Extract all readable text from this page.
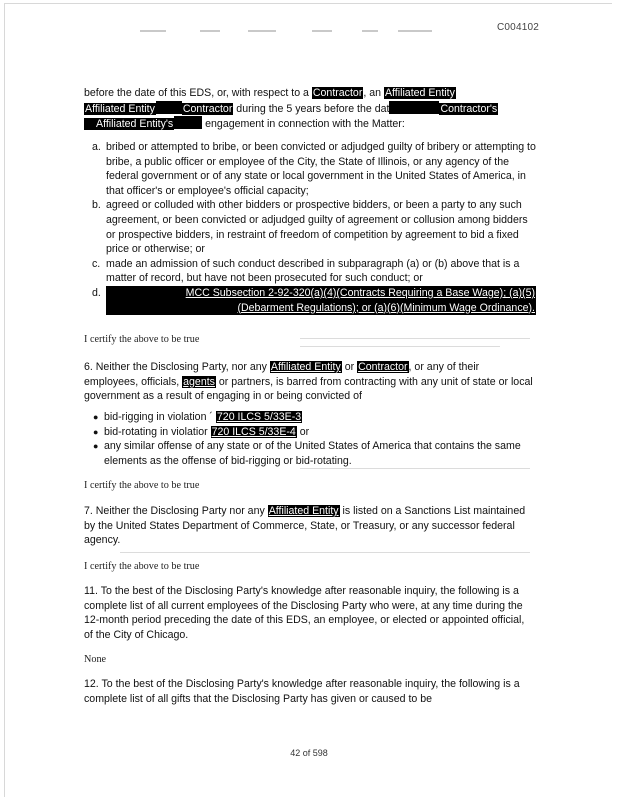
C004102
before the date of this EDS, or, with respect to a Contractor, an Affiliated Entity
Affiliated Entity	Contractor during the 5 years before the dat	Contractor's
Affiliated Entity's	engagement in connection with the Matter:
a. bribed or attempted to bribe, or been convicted or adjudged guilty of bribery or attempting to bribe, a public officer or employee of the City, the State of Illinois, or any agency of the federal government or of any state or local government in the United States of America, in that officer's or employee's official capacity;
b. agreed or colluded with other bidders or prospective bidders, or been a party to any such agreement, or been convicted or adjudged guilty of agreement or collusion among bidders or prospective bidders, in restraint of freedom of competition by agreement to bid a fixed price or otherwise; or
c. made an admission of such conduct described in subparagraph (a) or (b) above that is a matter of record, but have not been prosecuted for such conduct; or
d.	MCC Subsection 2-92-320(a)(4)(Contracts Requiring a Base Wage); (a)(5)(Debarment Regulations); or (a)(6)(Minimum Wage Ordinance).
I certify the above to be true
6. Neither the Disclosing Party, nor any Affiliated Entity or Contractor, or any of their employees, officials, agents or partners, is barred from contracting with any unit of state or local government as a result of engaging in or being convicted of
● bid-rigging in violation ´ 720 ILCS 5/33E-3
● bid-rotating in violatior 720 ILCS 5/33E-4 or
● any similar offense of any state or of the United States of America that contains the same elements as the offense of bid-rigging or bid-rotating.
I certify the above to be true
7. Neither the Disclosing Party nor any Affiliated Entity is listed on a Sanctions List maintained by the United States Department of Commerce, State, or Treasury, or any successor federal agency.
I certify the above to be true
11. To the best of the Disclosing Party's knowledge after reasonable inquiry, the following is a complete list of all current employees of the Disclosing Party who were, at any time during the 12-month period preceding the date of this EDS, an employee, or elected or appointed official, of the City of Chicago.
None
12. To the best of the Disclosing Party's knowledge after reasonable inquiry, the following is a complete list of all gifts that the Disclosing Party has given or caused to be
42 of 598
